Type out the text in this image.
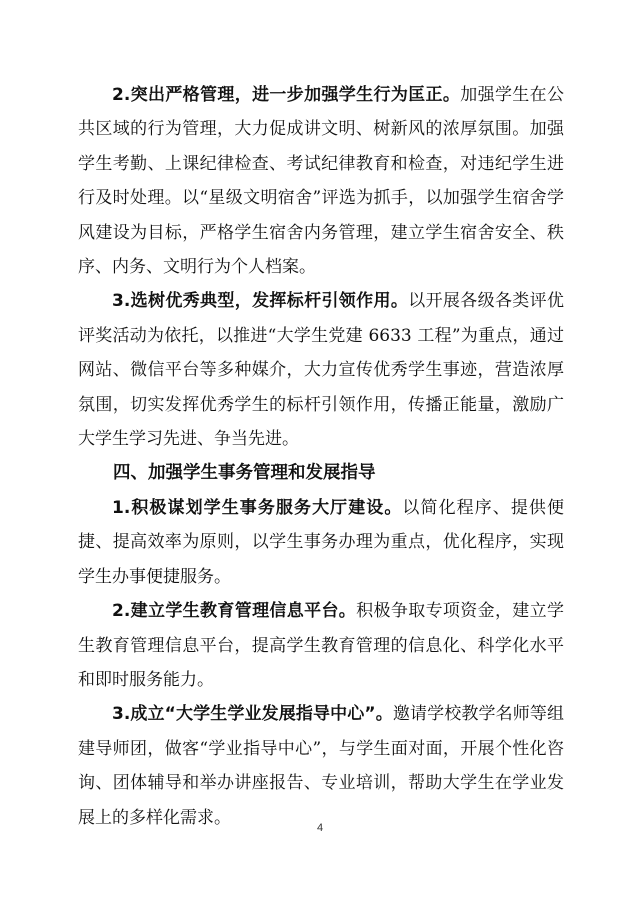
2.突出严格管理，进一步加强学生行为匡正。加强学生在公共区域的行为管理，大力促成讲文明、树新风的浓厚氛围。加强学生考勤、上课纪律检查、考试纪律教育和检查，对违纪学生进行及时处理。以“星级文明宿舍”评选为抓手，以加强学生宿舍学风建设为目标，严格学生宿舍内务管理，建立学生宿舍安全、秩序、内务、文明行为个人档案。

3.选树优秀典型，发挥标杆引领作用。以开展各级各类评优评奖活动为依托，以推进“大学生党建 6633 工程”为重点，通过网站、微信平台等多种媒介，大力宣传优秀学生事迹，营造浓厚氛围，切实发挥优秀学生的标杆引领作用，传播正能量，激励广大学生学习先进、争当先进。

四、加强学生事务管理和发展指导

1.积极谋划学生事务服务大厅建设。以简化程序、提供便捷、提高效率为原则，以学生事务办理为重点，优化程序，实现学生办事便捷服务。

2.建立学生教育管理信息平台。积极争取专项资金，建立学生教育管理信息平台，提高学生教育管理的信息化、科学化水平和即时服务能力。

3.成立“大学生学业发展指导中心”。邀请学校教学名师等组建导师团，做客“学业指导中心”，与学生面对面，开展个性化咨询、团体辅导和举办讲座报告、专业培训，帮助大学生在学业发展上的多样化需求。

4
